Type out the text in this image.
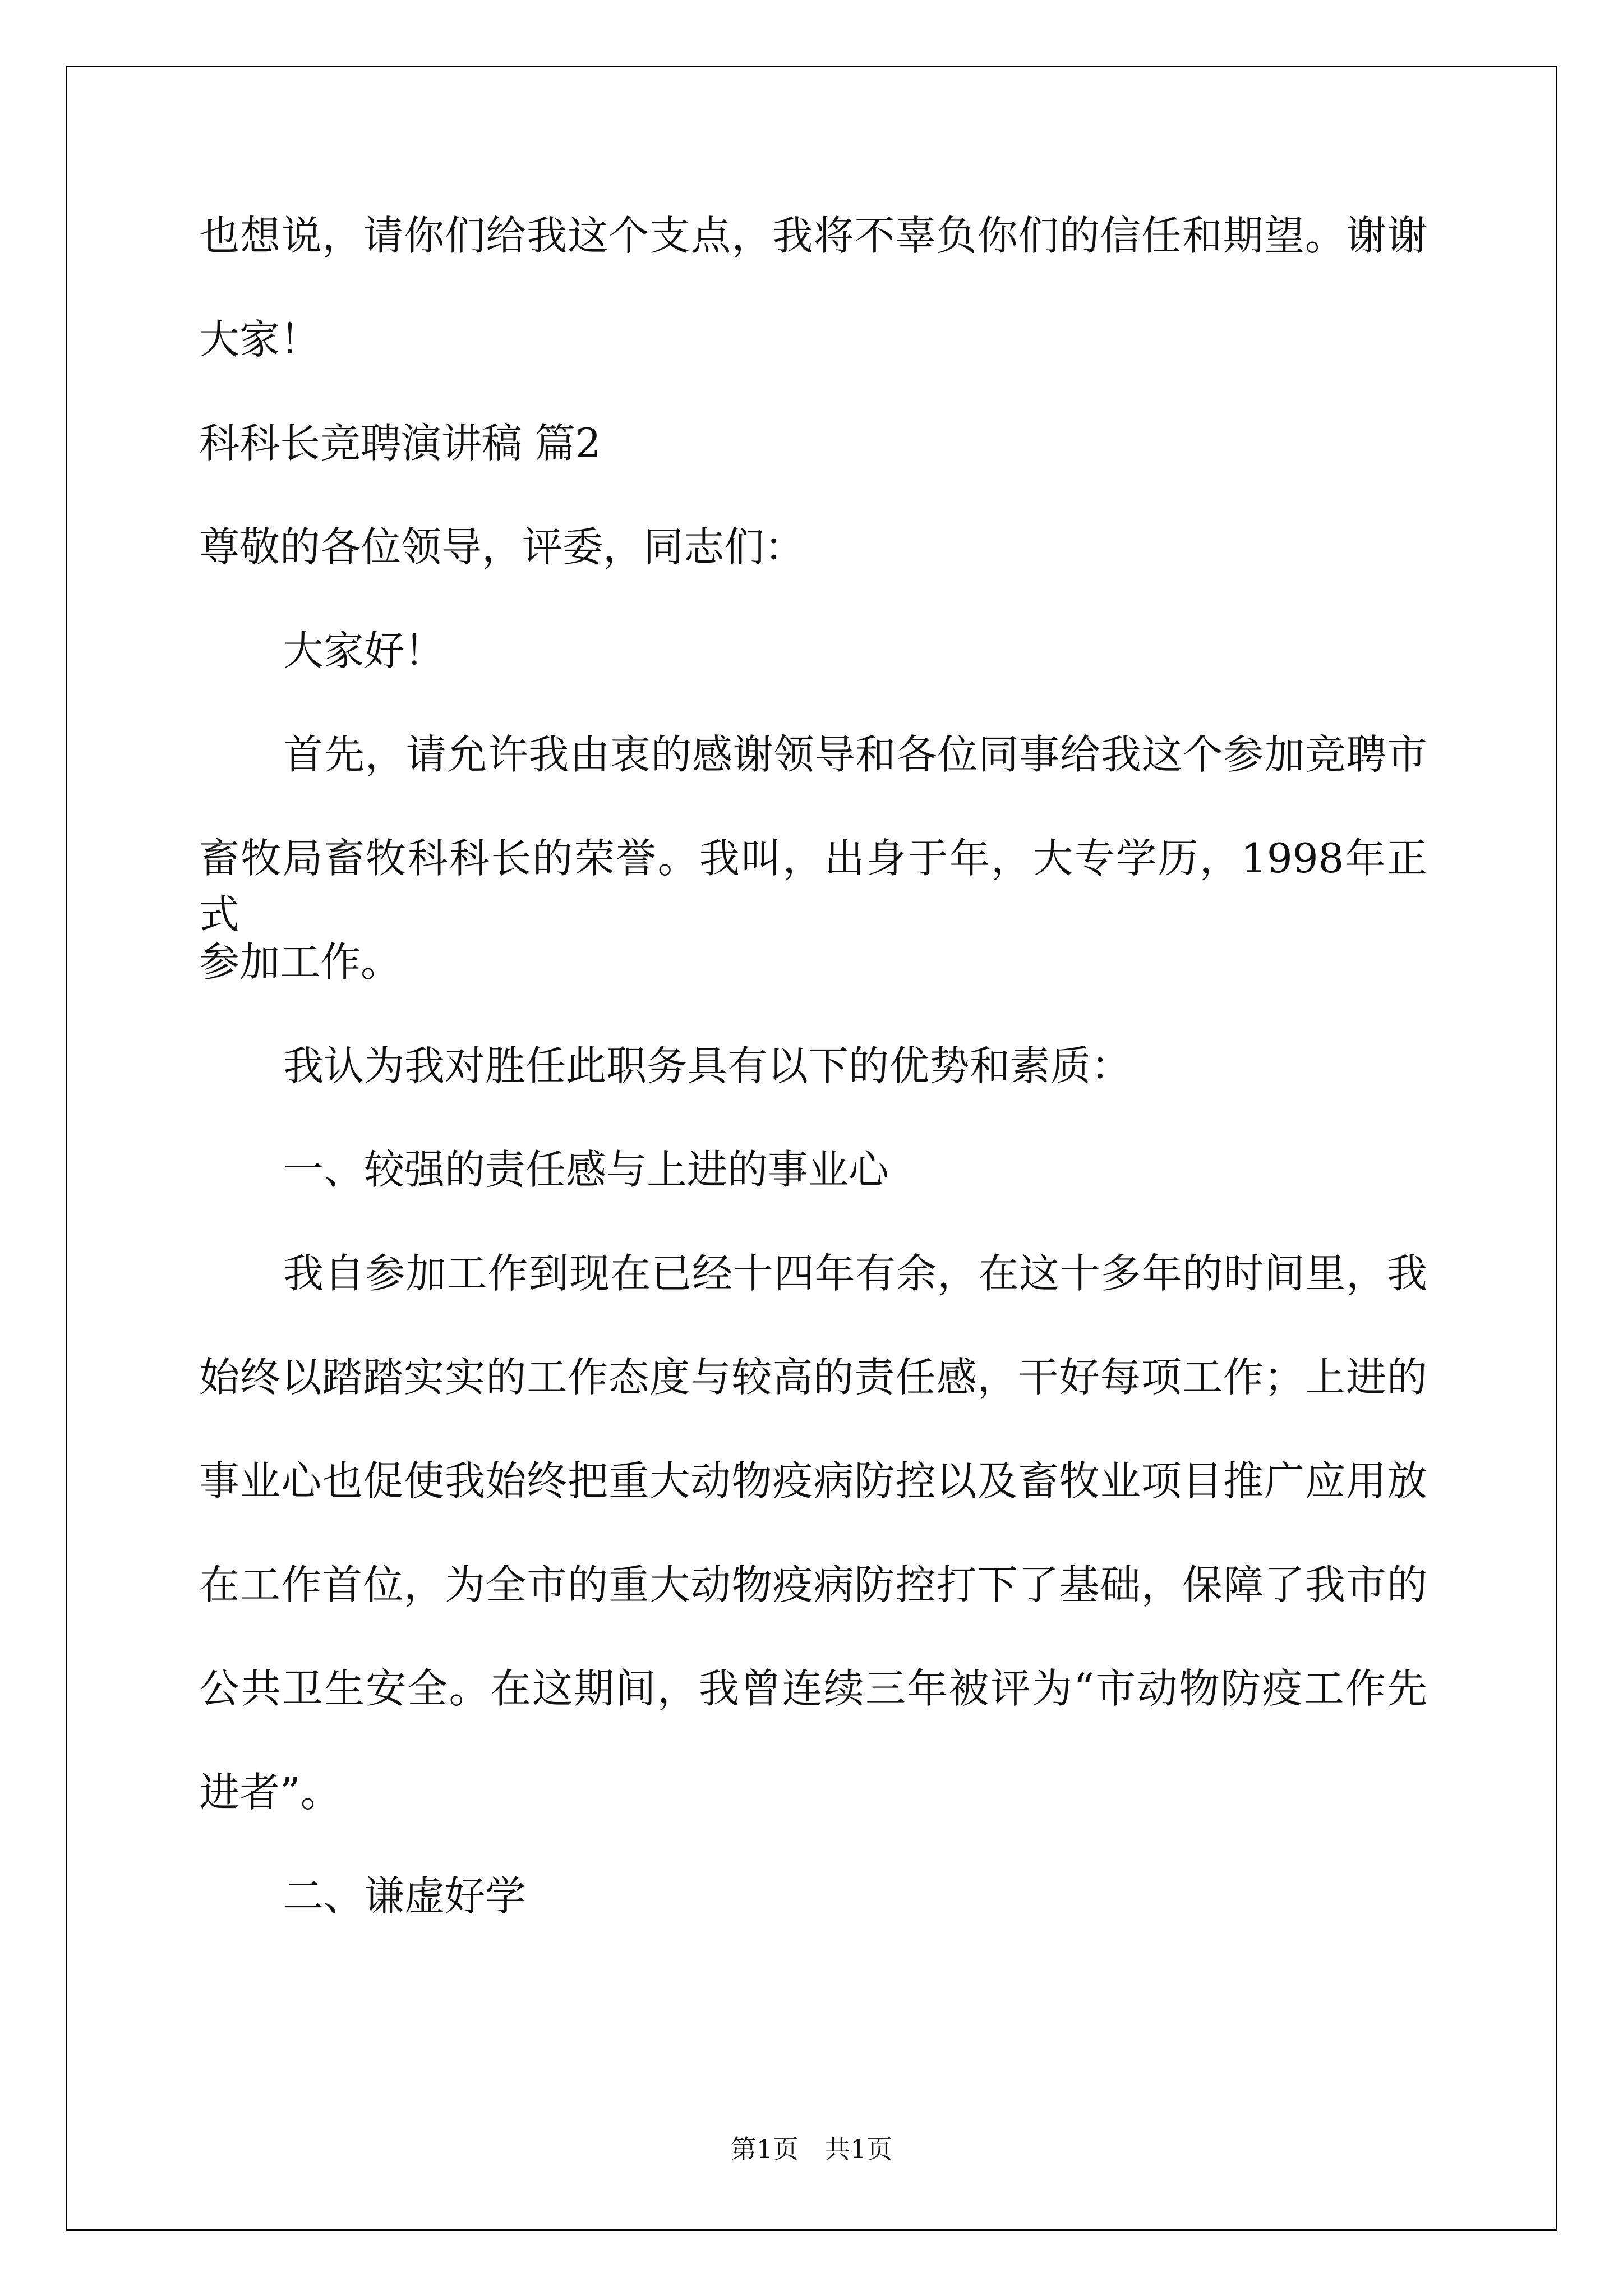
也想说，请你们给我这个支点，我将不辜负你们的信任和期望。谢谢
大家！
科科长竞聘演讲稿 篇2
尊敬的各位领导，评委，同志们：
大家好！
首先，请允许我由衷的感谢领导和各位同事给我这个参加竞聘市
畜牧局畜牧科科长的荣誉。我叫，出身于年，大专学历，1998年正式
参加工作。
我认为我对胜任此职务具有以下的优势和素质：
一、较强的责任感与上进的事业心
我自参加工作到现在已经十四年有余，在这十多年的时间里，我
始终以踏踏实实的工作态度与较高的责任感，干好每项工作；上进的
事业心也促使我始终把重大动物疫病防控以及畜牧业项目推广应用放
在工作首位，为全市的重大动物疫病防控打下了基础，保障了我市的
公共卫生安全。在这期间，我曾连续三年被评为“市动物防疫工作先
进者”。
二、谦虚好学
第1页　共1页
